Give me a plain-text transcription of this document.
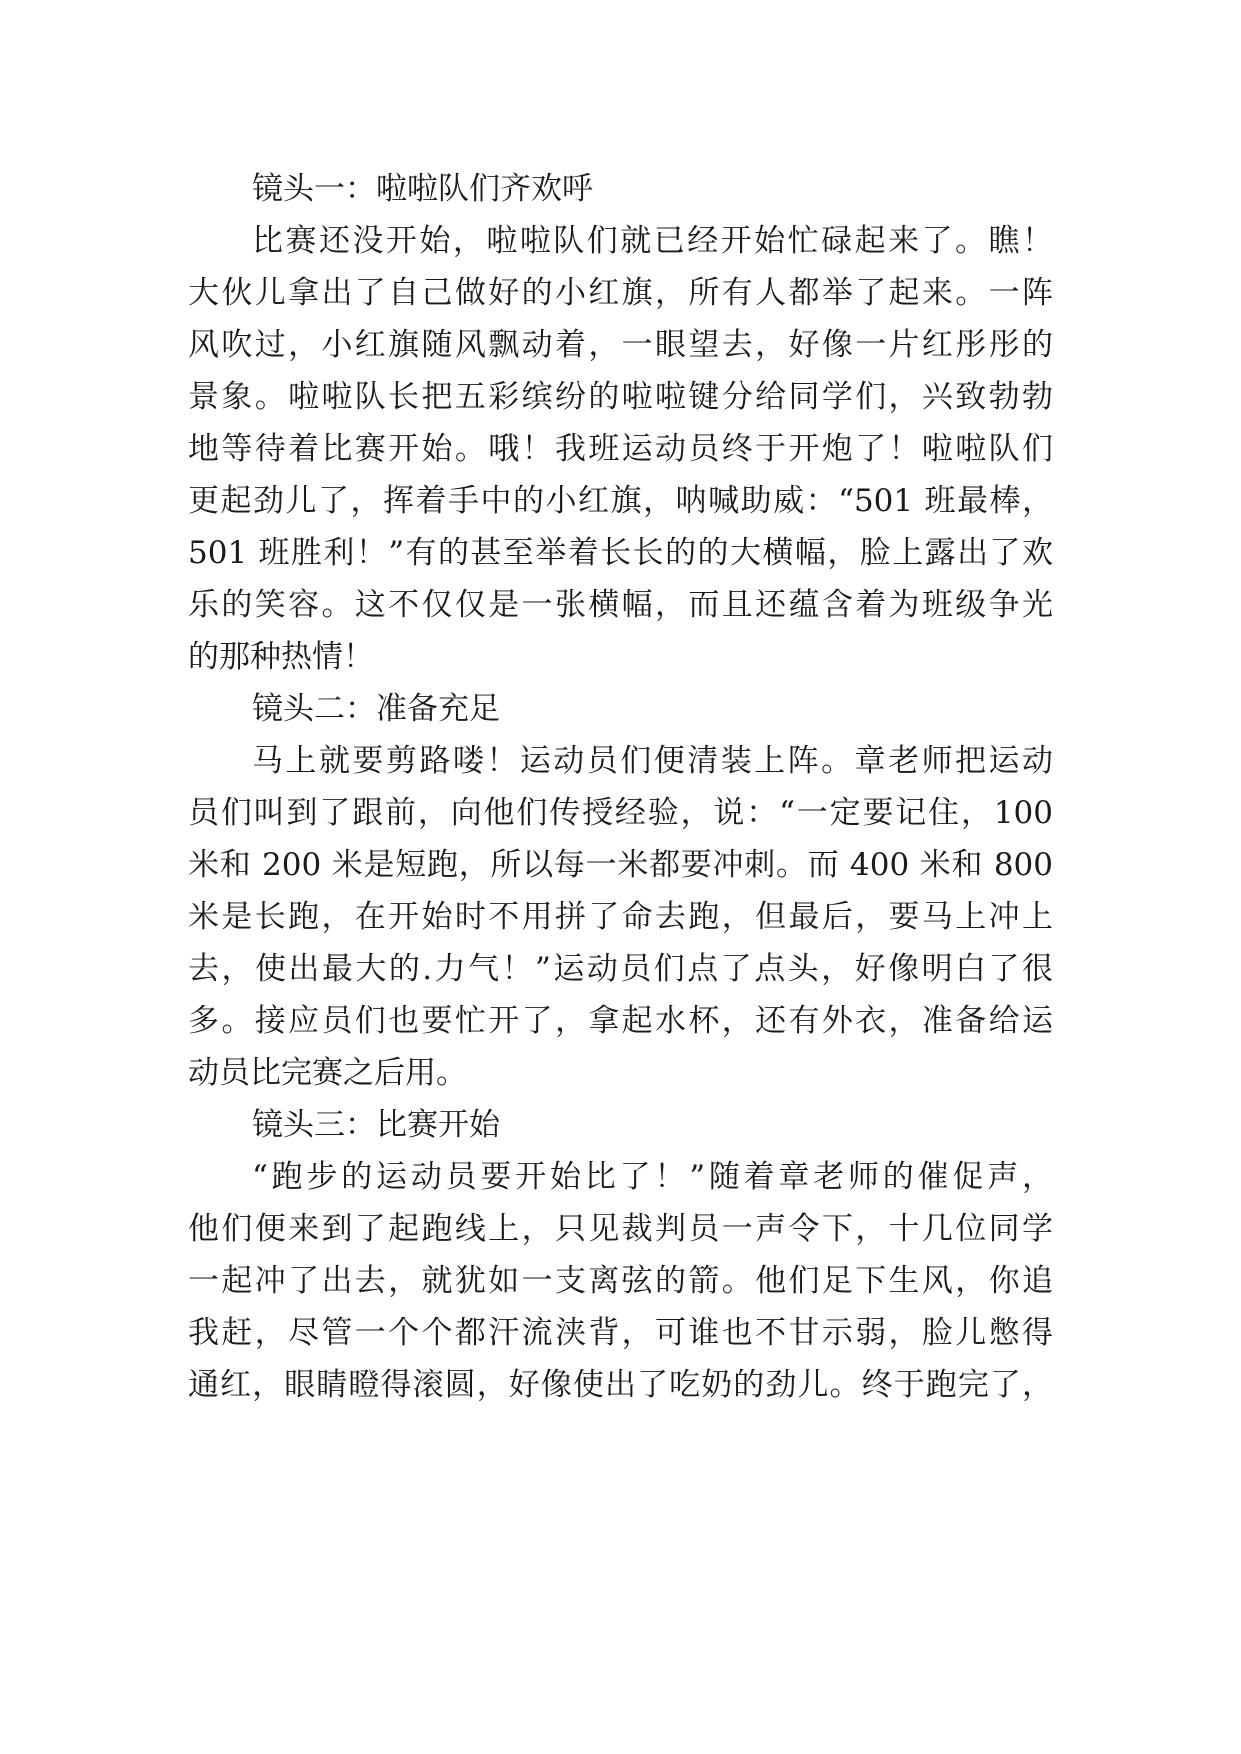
镜头一：啦啦队们齐欢呼
比赛还没开始，啦啦队们就已经开始忙碌起来了。瞧！
大伙儿拿出了自己做好的小红旗，所有人都举了起来。一阵
风吹过，小红旗随风飘动着，一眼望去，好像一片红彤彤的
景象。啦啦队长把五彩缤纷的啦啦键分给同学们，兴致勃勃
地等待着比赛开始。哦！我班运动员终于开炮了！啦啦队们
更起劲儿了，挥着手中的小红旗，呐喊助威：“501 班最棒，
501 班胜利！”有的甚至举着长长的的大横幅，脸上露出了欢
乐的笑容。这不仅仅是一张横幅，而且还蕴含着为班级争光
的那种热情！
镜头二：准备充足
马上就要剪路喽！运动员们便清装上阵。章老师把运动
员们叫到了跟前，向他们传授经验，说：“一定要记住，100
米和 200 米是短跑，所以每一米都要冲刺。而 400 米和 800
米是长跑，在开始时不用拼了命去跑，但最后，要马上冲上
去，使出最大的.力气！”运动员们点了点头，好像明白了很
多。接应员们也要忙开了，拿起水杯，还有外衣，准备给运
动员比完赛之后用。
镜头三：比赛开始
“跑步的运动员要开始比了！”随着章老师的催促声，
他们便来到了起跑线上，只见裁判员一声令下，十几位同学
一起冲了出去，就犹如一支离弦的箭。他们足下生风，你追
我赶，尽管一个个都汗流浃背，可谁也不甘示弱，脸儿憋得
通红，眼睛瞪得滚圆，好像使出了吃奶的劲儿。终于跑完了，
